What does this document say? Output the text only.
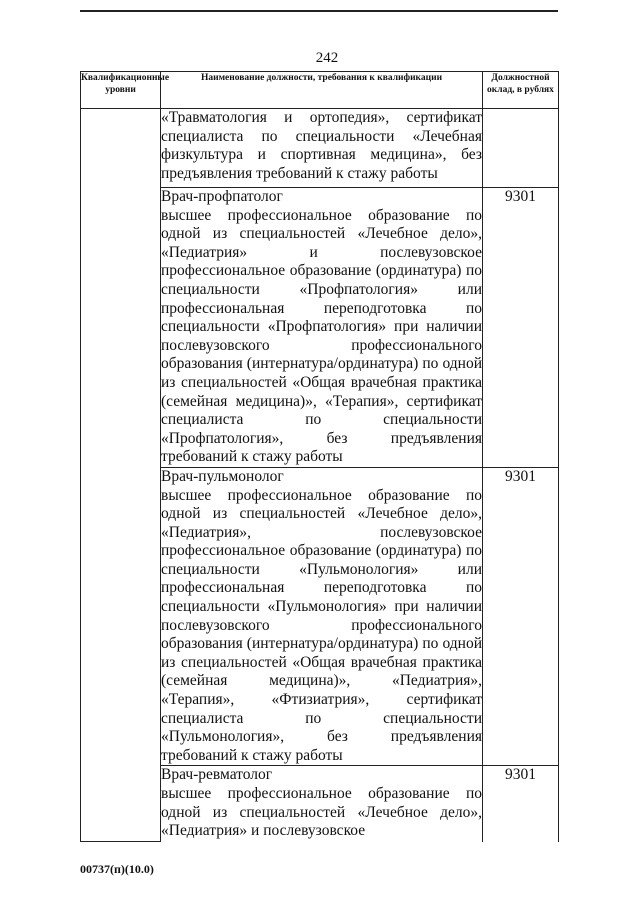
242
Квалификационные уровни	Наименование должности, требования к квалификации	Должностной оклад, в рублях
	«Травматология и ортопедия», сертификат специалиста по специальности «Лечебная физкультура и спортивная медицина», без предъявления требований к стажу работы	

	Врач-профпатолог
высшее профессиональное образование по одной из специальностей «Лечебное дело», «Педиатрия» и послевузовское профессиональное образование (ординатура) по специальности «Профпатология» или профессиональная переподготовка по специальности «Профпатология» при наличии послевузовского профессионального образования (интернатура/ординатура) по одной из специальностей «Общая врачебная практика (семейная медицина)», «Терапия», сертификат специалиста по специальности «Профпатология», без предъявления требований к стажу работы	9301

	Врач-пульмонолог
высшее профессиональное образование по одной из специальностей «Лечебное дело», «Педиатрия», послевузовское профессиональное образование (ординатура) по специальности «Пульмонология» или профессиональная переподготовка по специальности «Пульмонология» при наличии послевузовского профессионального образования (интернатура/ординатура) по одной из специальностей «Общая врачебная практика (семейная медицина)», «Педиатрия», «Терапия», «Фтизиатрия», сертификат специалиста по специальности «Пульмонология», без предъявления требований к стажу работы	9301

	Врач-ревматолог
высшее профессиональное образование по одной из специальностей «Лечебное дело», «Педиатрия» и послевузовское	9301
00737(п)(10.0)
